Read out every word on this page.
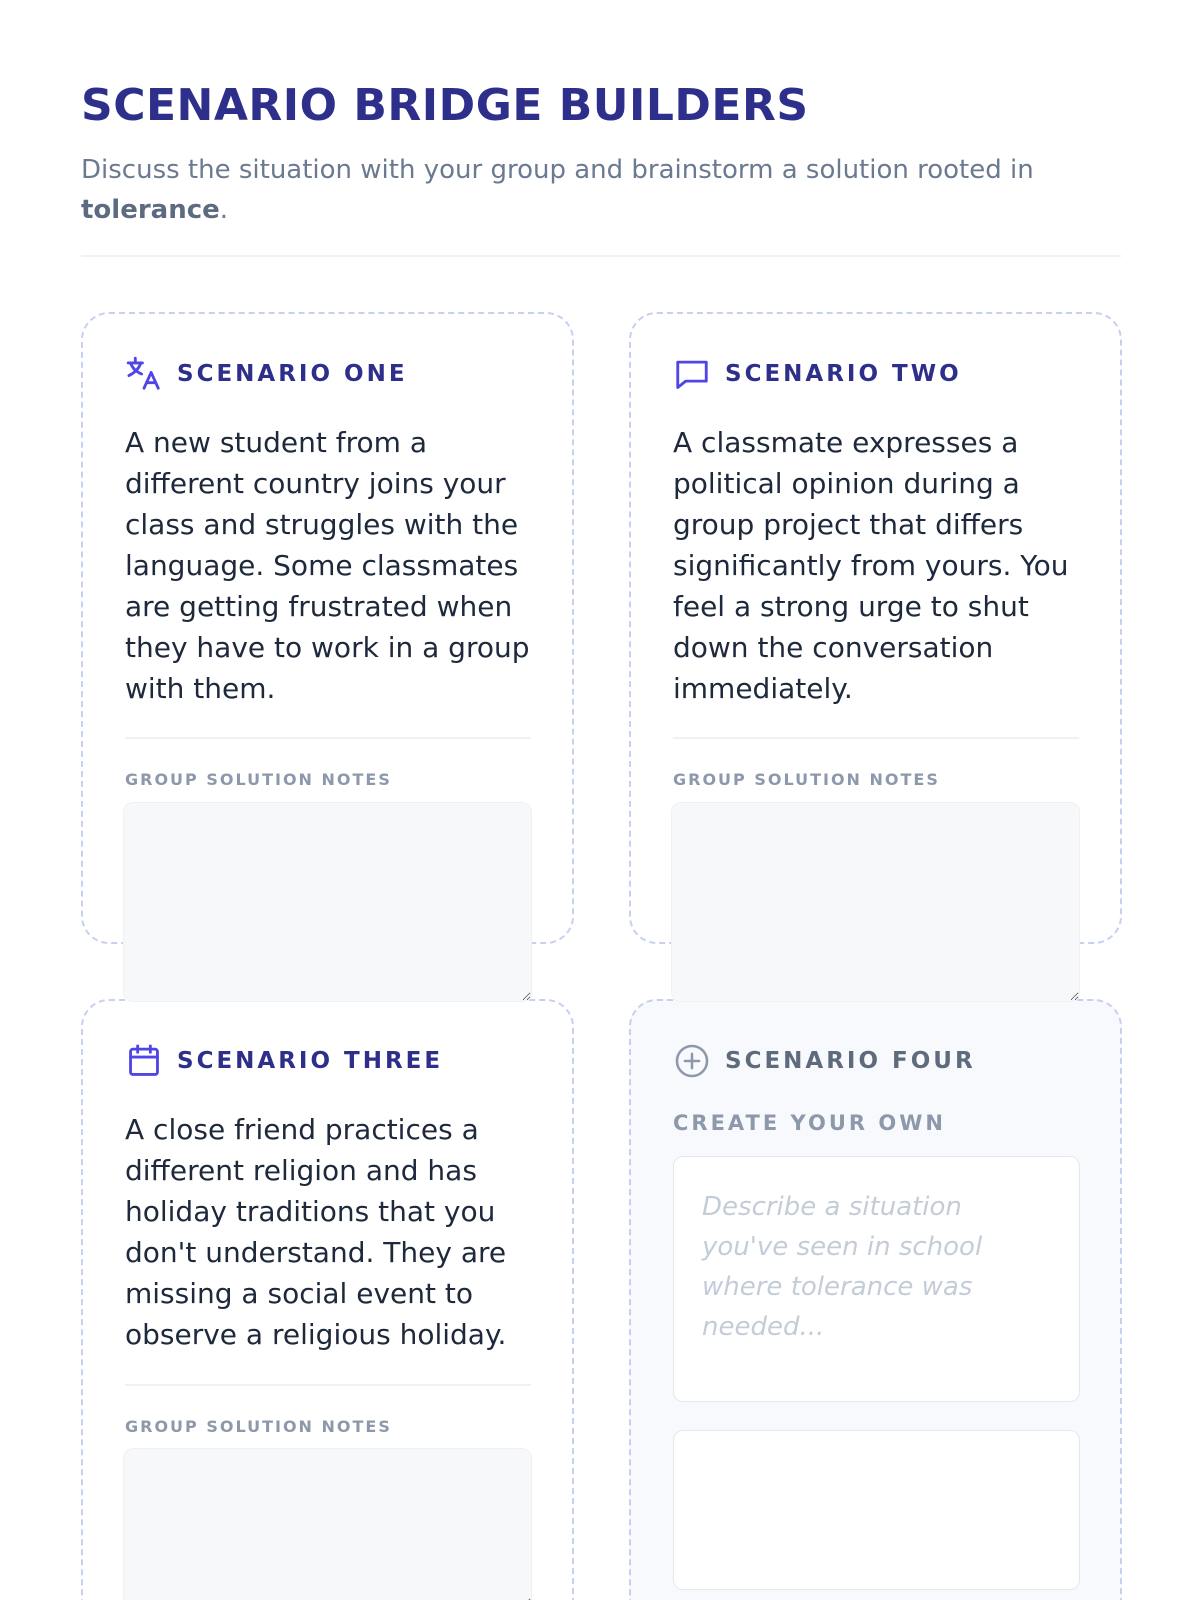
SCENARIO BRIDGE BUILDERS

Discuss the situation with your group and brainstorm a solution rooted in tolerance.

SCENARIO ONE

A new student from a different country joins your class and struggles with the language. Some classmates are getting frustrated when they have to work in a group with them.

GROUP SOLUTION NOTES
SCENARIO TWO

A classmate expresses a political opinion during a group project that differs significantly from yours. You feel a strong urge to shut down the conversation immediately.

GROUP SOLUTION NOTES
SCENARIO THREE

A close friend practices a different religion and has holiday traditions that you don't understand. They are missing a social event to observe a religious holiday.

GROUP SOLUTION NOTES
SCENARIO FOUR
CREATE YOUR OWN
Describe a situation you've seen in school where tolerance was needed...
